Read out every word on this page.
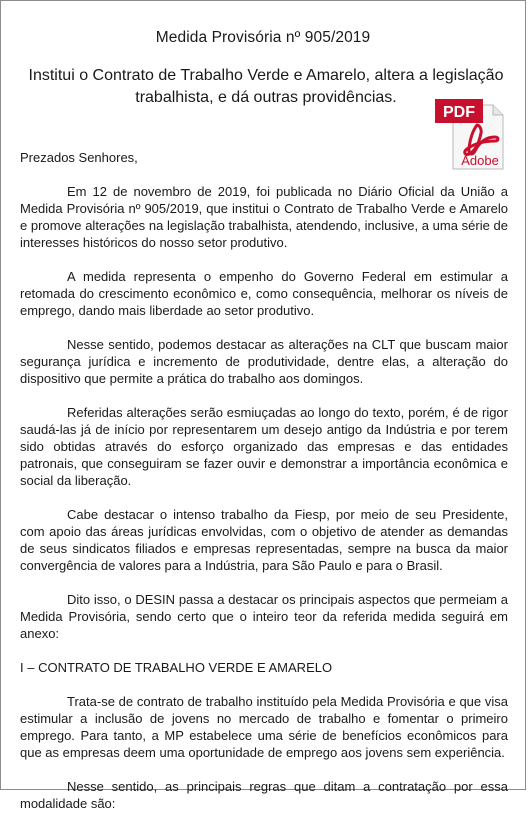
Medida Provisória nº 905/2019
Institui o Contrato de Trabalho Verde e Amarelo, altera a legislação trabalhista, e dá outras providências.
PDF
Adobe

Prezados Senhores,

Em 12 de novembro de 2019, foi publicada no Diário Oficial da União a Medida Provisória nº 905/2019, que institui o Contrato de Trabalho Verde e Amarelo e promove alterações na legislação trabalhista, atendendo, inclusive, a uma série de interesses históricos do nosso setor produtivo.

A medida representa o empenho do Governo Federal em estimular a retomada do crescimento econômico e, como consequência, melhorar os níveis de emprego, dando mais liberdade ao setor produtivo.

Nesse sentido, podemos destacar as alterações na CLT que buscam maior segurança jurídica e incremento de produtividade, dentre elas, a alteração do dispositivo que permite a prática do trabalho aos domingos.

Referidas alterações serão esmiuçadas ao longo do texto, porém, é de rigor saudá-las já de início por representarem um desejo antigo da Indústria e por terem sido obtidas através do esforço organizado das empresas e das entidades patronais, que conseguiram se fazer ouvir e demonstrar a importância econômica e social da liberação.

Cabe destacar o intenso trabalho da Fiesp, por meio de seu Presidente, com apoio das áreas jurídicas envolvidas, com o objetivo de atender as demandas de seus sindicatos filiados e empresas representadas, sempre na busca da maior convergência de valores para a Indústria, para São Paulo e para o Brasil.

Dito isso, o DESIN passa a destacar os principais aspectos que permeiam a Medida Provisória, sendo certo que o inteiro teor da referida medida seguirá em anexo:

I – CONTRATO DE TRABALHO VERDE E AMARELO

Trata-se de contrato de trabalho instituído pela Medida Provisória e que visa estimular a inclusão de jovens no mercado de trabalho e fomentar o primeiro emprego. Para tanto, a MP estabelece uma série de benefícios econômicos para que as empresas deem uma oportunidade de emprego aos jovens sem experiência.

Nesse sentido, as principais regras que ditam a contratação por essa modalidade são:
